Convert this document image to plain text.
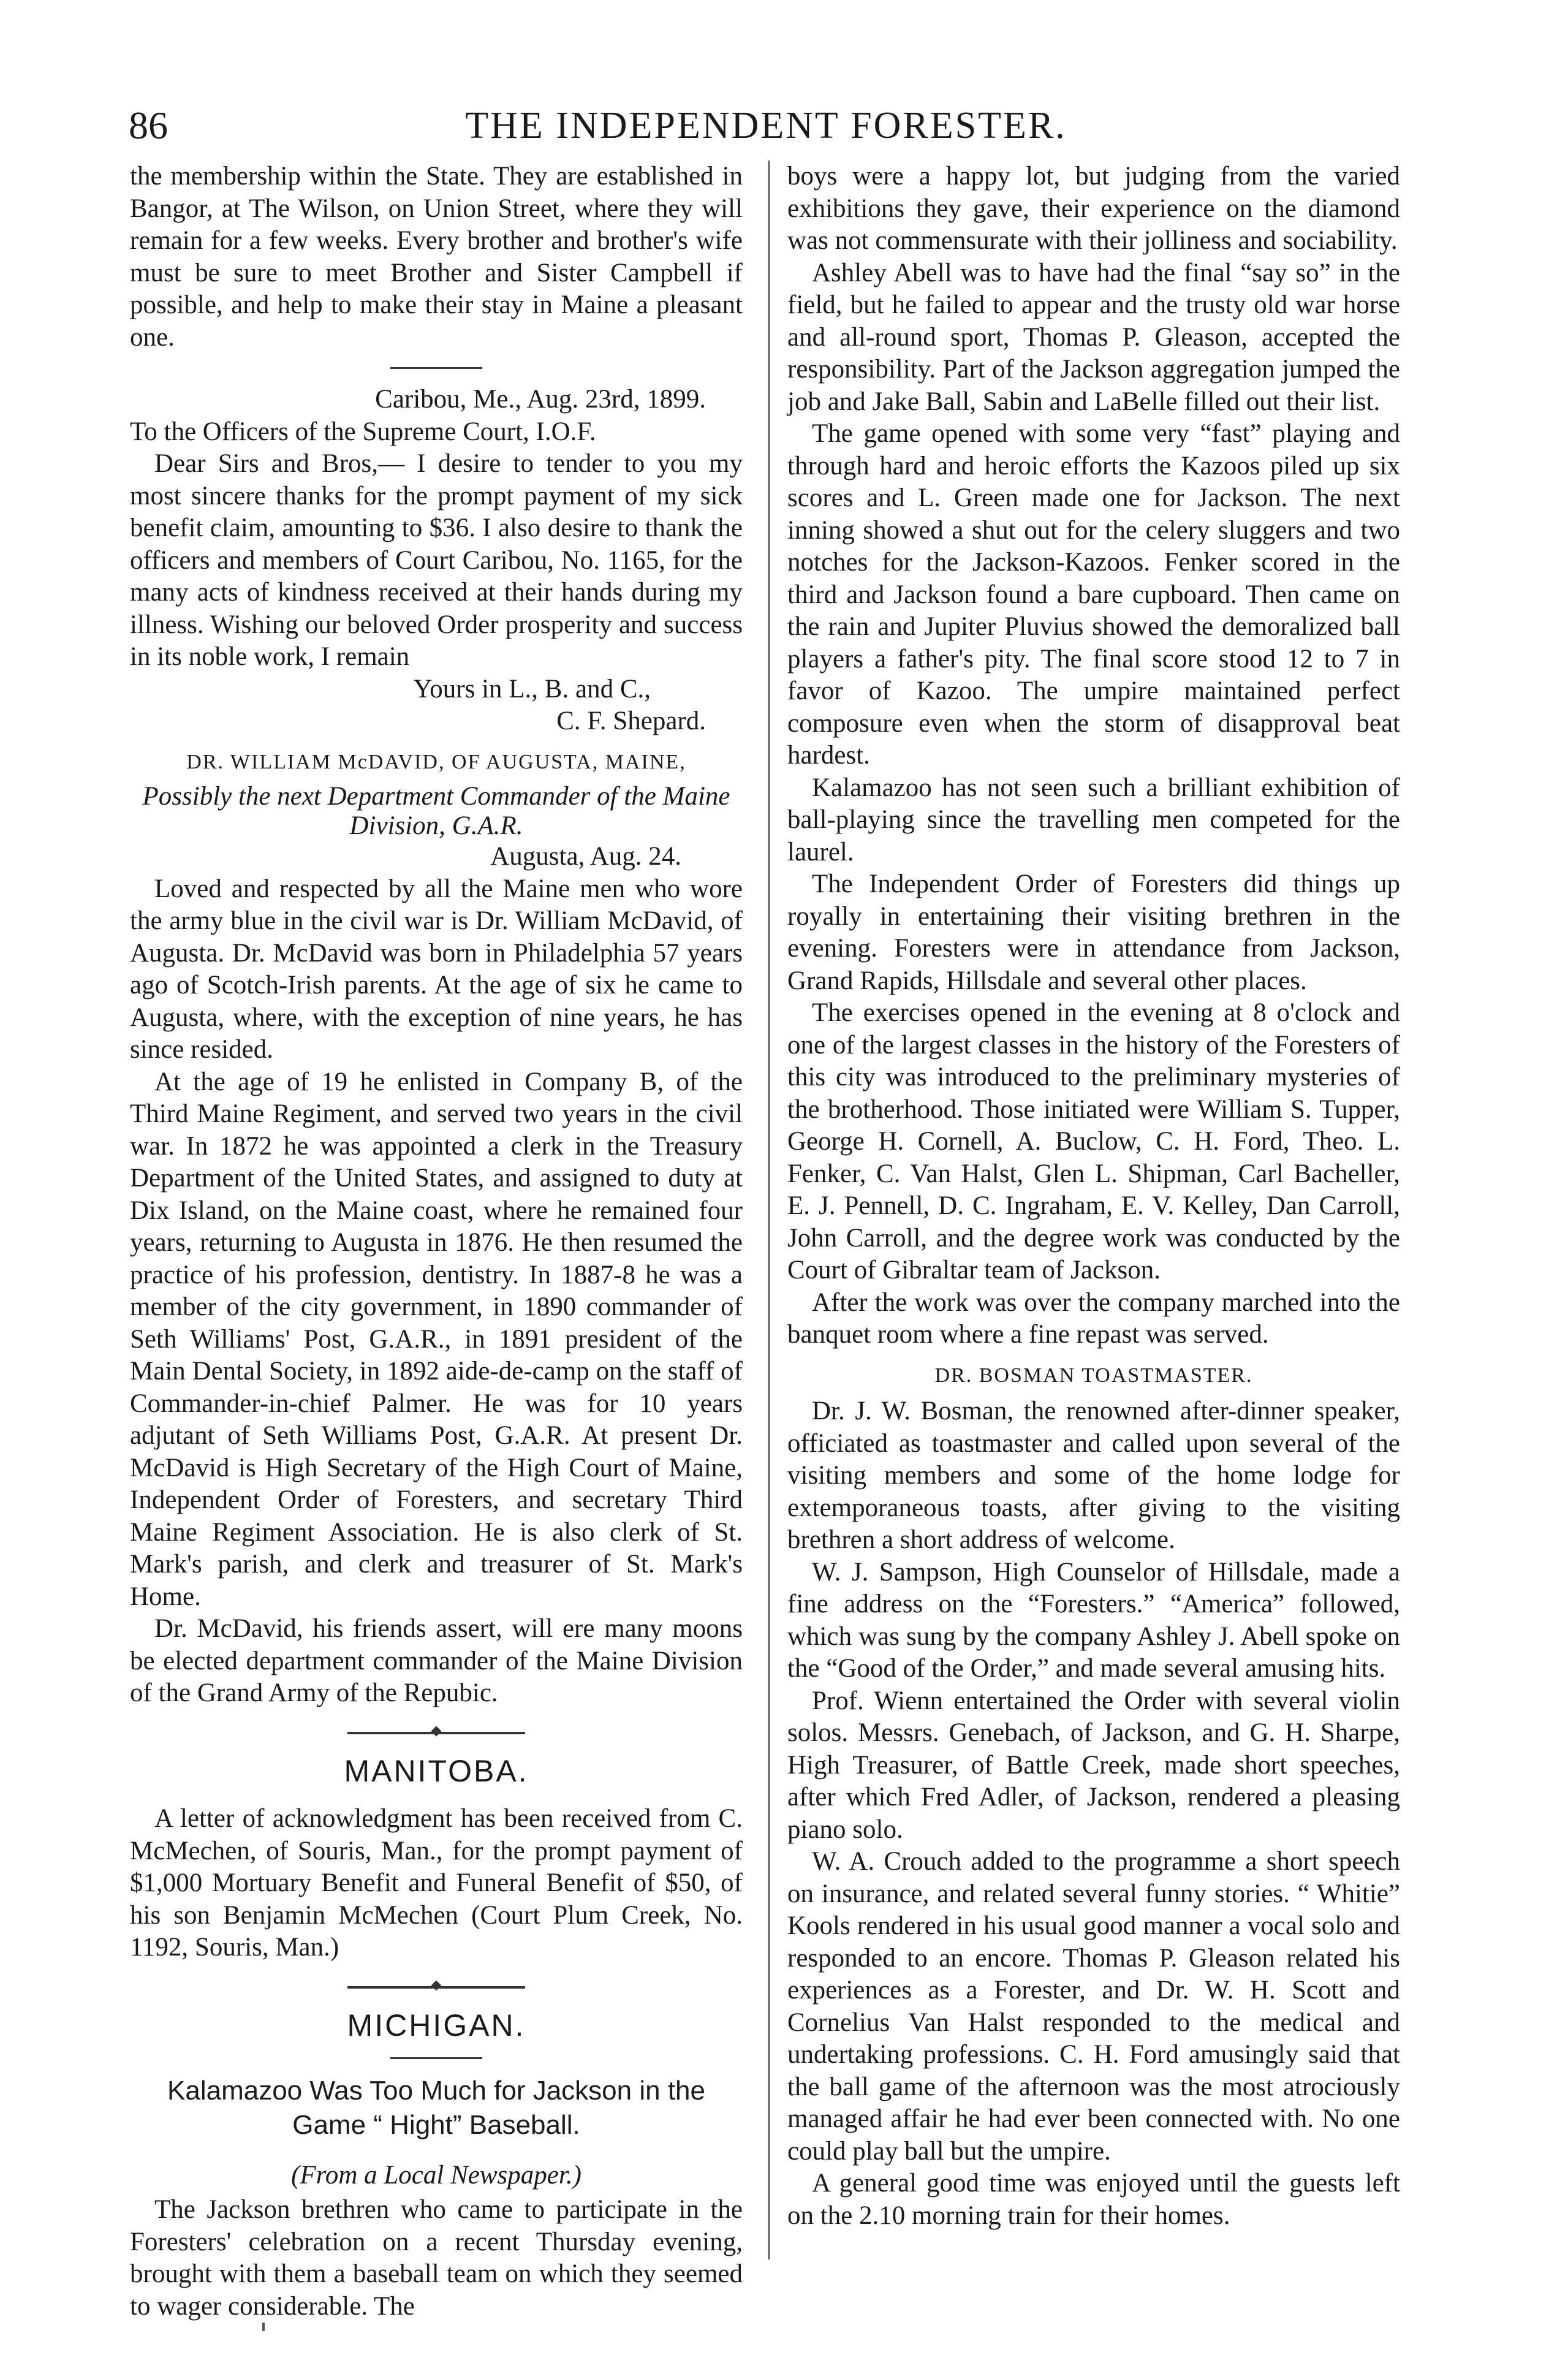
86	THE INDEPENDENT FORESTER.

the membership within the State. They are established in Bangor, at The Wilson, on Union Street, where they will remain for a few weeks. Every brother and brother's wife must be sure to meet Brother and Sister Campbell if possible, and help to make their stay in Maine a pleasant one.

Caribou, Me., Aug. 23rd, 1899.

To the Officers of the Supreme Court, I.O.F.

Dear Sirs and Bros,— I desire to tender to you my most sincere thanks for the prompt payment of my sick benefit claim, amounting to $36. I also desire to thank the officers and members of Court Caribou, No. 1165, for the many acts of kindness received at their hands during my illness. Wishing our beloved Order prosperity and success in its noble work, I remain

Yours in L., B. and C.,

C. F. Shepard.

DR. WILLIAM McDAVID, OF AUGUSTA, MAINE,
Possibly the next Department Commander of the Maine Division, G.A.R.

Augusta, Aug. 24.

Loved and respected by all the Maine men who wore the army blue in the civil war is Dr. William McDavid, of Augusta. Dr. McDavid was born in Philadelphia 57 years ago of Scotch-Irish parents. At the age of six he came to Augusta, where, with the exception of nine years, he has since resided.

At the age of 19 he enlisted in Company B, of the Third Maine Regiment, and served two years in the civil war. In 1872 he was appointed a clerk in the Treasury Department of the United States, and assigned to duty at Dix Island, on the Maine coast, where he remained four years, returning to Augusta in 1876. He then resumed the practice of his profession, dentistry. In 1887-8 he was a member of the city government, in 1890 commander of Seth Williams' Post, G.A.R., in 1891 president of the Main Dental Society, in 1892 aide-de-camp on the staff of Commander-in-chief Palmer. He was for 10 years adjutant of Seth Williams Post, G.A.R. At present Dr. McDavid is High Secretary of the High Court of Maine, Independent Order of Foresters, and secretary Third Maine Regiment Association. He is also clerk of St. Mark's parish, and clerk and treasurer of St. Mark's Home.

Dr. McDavid, his friends assert, will ere many moons be elected department commander of the Maine Division of the Grand Army of the Repubic.

MANITOBA.

A letter of acknowledgment has been received from C. McMechen, of Souris, Man., for the prompt payment of $1,000 Mortuary Benefit and Funeral Benefit of $50, of his son Benjamin McMechen (Court Plum Creek, No. 1192, Souris, Man.)

MICHIGAN.
Kalamazoo Was Too Much for Jackson in the Game “ Hight” Baseball.
(From a Local Newspaper.)

The Jackson brethren who came to participate in the Foresters' celebration on a recent Thursday evening, brought with them a baseball team on which they seemed to wager considerable. The

boys were a happy lot, but judging from the varied exhibitions they gave, their experience on the diamond was not commensurate with their jolliness and sociability.

Ashley Abell was to have had the final “say so” in the field, but he failed to appear and the trusty old war horse and all-round sport, Thomas P. Gleason, accepted the responsibility. Part of the Jackson aggregation jumped the job and Jake Ball, Sabin and LaBelle filled out their list.

The game opened with some very “fast” playing and through hard and heroic efforts the Kazoos piled up six scores and L. Green made one for Jackson. The next inning showed a shut out for the celery sluggers and two notches for the Jackson-Kazoos. Fenker scored in the third and Jackson found a bare cupboard. Then came on the rain and Jupiter Pluvius showed the demoralized ball players a father's pity. The final score stood 12 to 7 in favor of Kazoo. The umpire maintained perfect composure even when the storm of disapproval beat hardest.

Kalamazoo has not seen such a brilliant exhibition of ball-playing since the travelling men competed for the laurel.

The Independent Order of Foresters did things up royally in entertaining their visiting brethren in the evening. Foresters were in attendance from Jackson, Grand Rapids, Hillsdale and several other places.

The exercises opened in the evening at 8 o'clock and one of the largest classes in the history of the Foresters of this city was introduced to the preliminary mysteries of the brotherhood. Those initiated were William S. Tupper, George H. Cornell, A. Buclow, C. H. Ford, Theo. L. Fenker, C. Van Halst, Glen L. Shipman, Carl Bacheller, E. J. Pennell, D. C. Ingraham, E. V. Kelley, Dan Carroll, John Carroll, and the degree work was conducted by the Court of Gibraltar team of Jackson.

After the work was over the company marched into the banquet room where a fine repast was served.

DR. BOSMAN TOASTMASTER.

Dr. J. W. Bosman, the renowned after-dinner speaker, officiated as toastmaster and called upon several of the visiting members and some of the home lodge for extemporaneous toasts, after giving to the visiting brethren a short address of welcome.

W. J. Sampson, High Counselor of Hillsdale, made a fine address on the “Foresters.” “America” followed, which was sung by the company Ashley J. Abell spoke on the “Good of the Order,” and made several amusing hits.

Prof. Wienn entertained the Order with several violin solos. Messrs. Genebach, of Jackson, and G. H. Sharpe, High Treasurer, of Battle Creek, made short speeches, after which Fred Adler, of Jackson, rendered a pleasing piano solo.

W. A. Crouch added to the programme a short speech on insurance, and related several funny stories. “ Whitie” Kools rendered in his usual good manner a vocal solo and responded to an encore. Thomas P. Gleason related his experiences as a Forester, and Dr. W. H. Scott and Cornelius Van Halst responded to the medical and undertaking professions. C. H. Ford amusingly said that the ball game of the afternoon was the most atrociously managed affair he had ever been connected with. No one could play ball but the umpire.

A general good time was enjoyed until the guests left on the 2.10 morning train for their homes.
